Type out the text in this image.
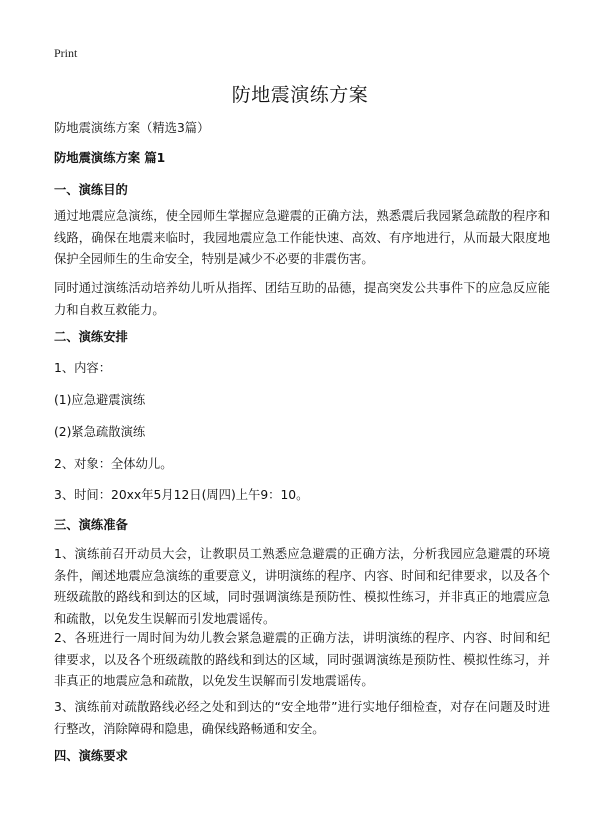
Print
防地震演练方案

防地震演练方案（精选3篇）

防地震演练方案 篇1

一、演练目的

通过地震应急演练，使全园师生掌握应急避震的正确方法，熟悉震后我园紧急疏散的程序和线路，确保在地震来临时，我园地震应急工作能快速、高效、有序地进行，从而最大限度地保护全园师生的生命安全，特别是减少不必要的非震伤害。

同时通过演练活动培养幼儿听从指挥、团结互助的品德，提高突发公共事件下的应急反应能力和自救互救能力。

二、演练安排

1、内容：

(1)应急避震演练

(2)紧急疏散演练

2、对象：全体幼儿。

3、时间：20xx年5月12日(周四)上午9：10。

三、演练准备

1、演练前召开动员大会，让教职员工熟悉应急避震的正确方法，分析我园应急避震的环境条件，阐述地震应急演练的重要意义，讲明演练的程序、内容、时间和纪律要求，以及各个班级疏散的路线和到达的区域，同时强调演练是预防性、模拟性练习，并非真正的地震应急和疏散，以免发生误解而引发地震谣传。

2、各班进行一周时间为幼儿教会紧急避震的正确方法，讲明演练的程序、内容、时间和纪律要求，以及各个班级疏散的路线和到达的区域，同时强调演练是预防性、模拟性练习，并非真正的地震应急和疏散，以免发生误解而引发地震谣传。

3、演练前对疏散路线必经之处和到达的“安全地带”进行实地仔细检查，对存在问题及时进行整改，消除障碍和隐患，确保线路畅通和安全。

四、演练要求
